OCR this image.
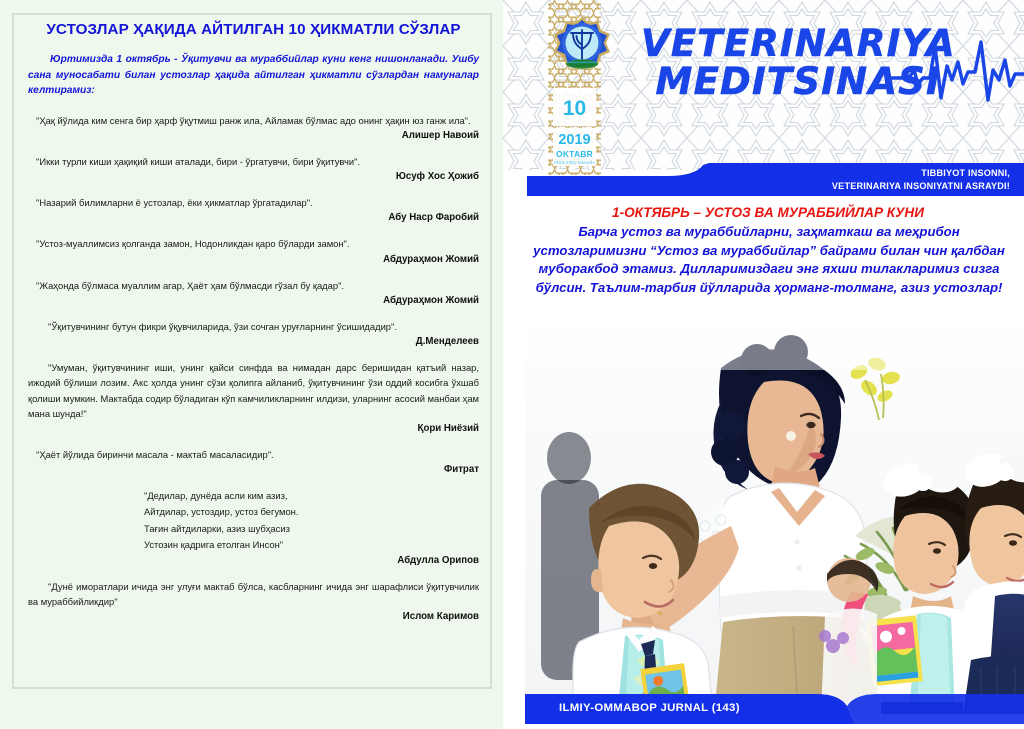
УСТОЗЛАР ҲАҚИДА АЙТИЛГАН 10 ҲИКМАТЛИ СЎЗЛАР
Юртимизда 1 октябрь - Ўқитувчи ва мураббийлар куни кенг нишонланади. Ушбу сана муносабати билан устозлар ҳақида айтилган ҳикматли сўзлардан намуналар келтирамиз:
"Ҳақ йўлида ким сенга бир ҳарф ўқутмиш ранж ила, Айламак бўлмас адо онинг ҳақин юз ганж ила".
Алишер Навоий
"Икки турли киши ҳақиқий киши аталади, бири - ўргатувчи, бири ўқитувчи".
Юсуф Хос Ҳожиб
"Назарий билимларни ё устозлар, ёки ҳикматлар ўргатадилар".
Абу Наср Фаробий
"Устоз-муаллимсиз қолганда замон, Нодонликдан қаро бўларди замон".
Абдураҳмон Жомий
"Жаҳонда бўлмаса муаллим агар, Ҳаёт ҳам бўлмасди гўзал бу қадар".
Абдураҳмон Жомий
"Ўқитувчининг бутун фикри ўқувчиларида, ўзи сочган уруғларнинг ўсишидадир".
Д.Менделеев
"Умуман, ўқитувчининг иши, унинг қайси синфда ва нимадан дарс беришидан қатъий назар, ижодий бўлиши лозим. Акс ҳолда унинг сўзи қолипга айланиб, ўқитувчининг ўзи оддий косибга ўхшаб қолиши мумкин. Мактабда содир бўладиган кўп камчиликларнинг илдизи, уларнинг асосий манбаи ҳам мана шунда!"
Қори Ниёзий
"Ҳаёт йўлида биринчи масала - мактаб масаласидир".
Фитрат
"Дедилар, дунёда асли ким азиз,
Айтдилар, устоздир, устоз бегумон.
Тағин айтдиларки, азиз шубҳасиз
Устозин қадрига етолган Инсон"
Абдулла Орипов
"Дунё иморатлари ичида энг улуғи мактаб бўлса, касбларнинг ичида энг шарафлиси ўқитувчилик ва мураббийликдир"
Ислом Каримов
10
2019
OKTABR
ISSN 2091-5details
VETERINARIYA
MEDITSINASI
TIBBIYOT INSONNI,
VETERINARIYA INSONIYATNI ASRAYDI!
1-ОКТЯБРЬ – УСТОЗ ВА МУРАББИЙЛАР КУНИ
Барча устоз ва мураббийларни, заҳматкаш ва меҳрибон устозларимизни “Устоз ва мураббийлар” байрами билан чин қалбдан муборакбод этамиз. Дилларимиздаги энг яхши тилакларимиз сизга бўлсин. Таълим-тарбия йўлларида ҳорманг-толманг, азиз устозлар!
ILMIY-OMMABOP JURNAL (143)
